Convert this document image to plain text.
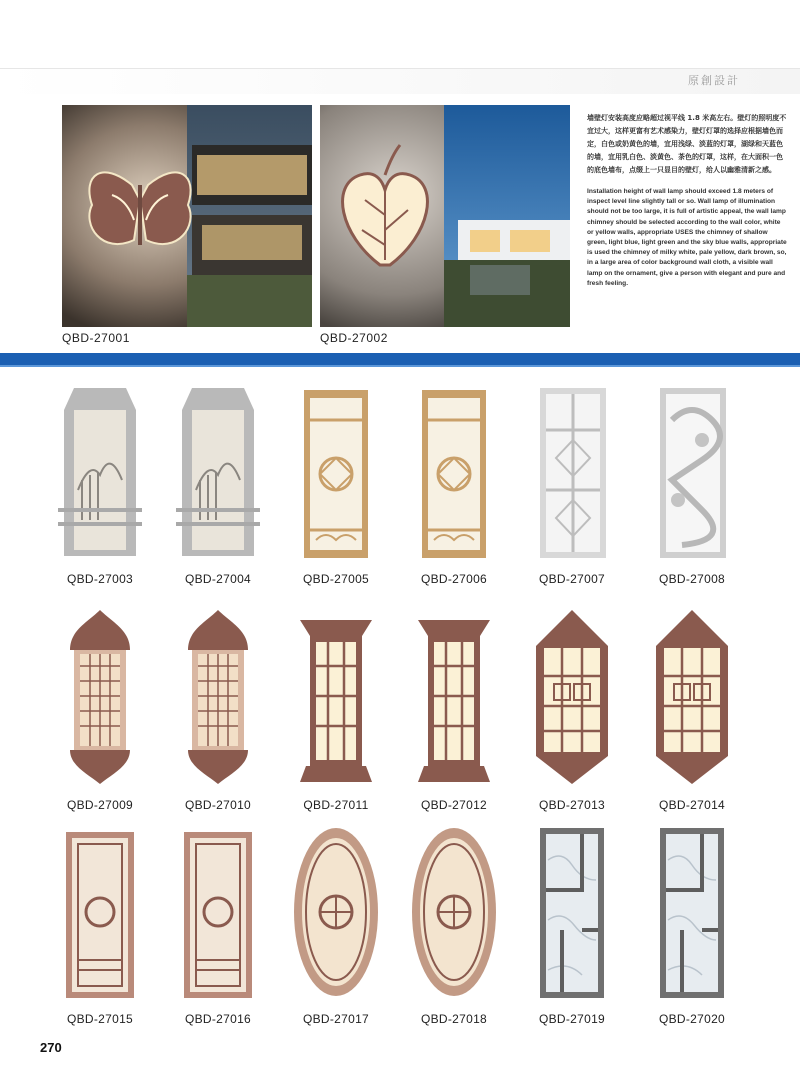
原創設計
QBD-27001	QBD-27002

墙壁灯安装高度应略超过视平线 1.8 米高左右。壁灯的照明度不宜过大，这样更富有艺术感染力，壁灯灯罩的选择应根据墙色而定，白色或奶黄色的墙，宜用浅绿、淡蓝的灯罩，湖绿和天蓝色的墙，宜用乳白色、淡黄色、茶色的灯罩，这样，在大面积一色的底色墙布，点缀上一只显目的壁灯，给人以幽雅清新之感。

Installation height of wall lamp should exceed 1.8 meters of inspect level line slightly tall or so. Wall lamp of illumination should not be too large, it is full of artistic appeal, the wall lamp chimney should be selected according to the wall color, white or yellow walls, appropriate USES the chimney of shallow green, light blue, light green and the sky blue walls, appropriate is used the chimney of milky white, pale yellow, dark brown, so, in a large area of color background wall cloth, a visible wall lamp on the ornament, give a person with elegant and pure and fresh feeling.

QBD-27003	QBD-27004	QBD-27005	QBD-27006	QBD-27007	QBD-27008
QBD-27009	QBD-27010	QBD-27011	QBD-27012	QBD-27013	QBD-27014
QBD-27015	QBD-27016	QBD-27017	QBD-27018	QBD-27019	QBD-27020
270
